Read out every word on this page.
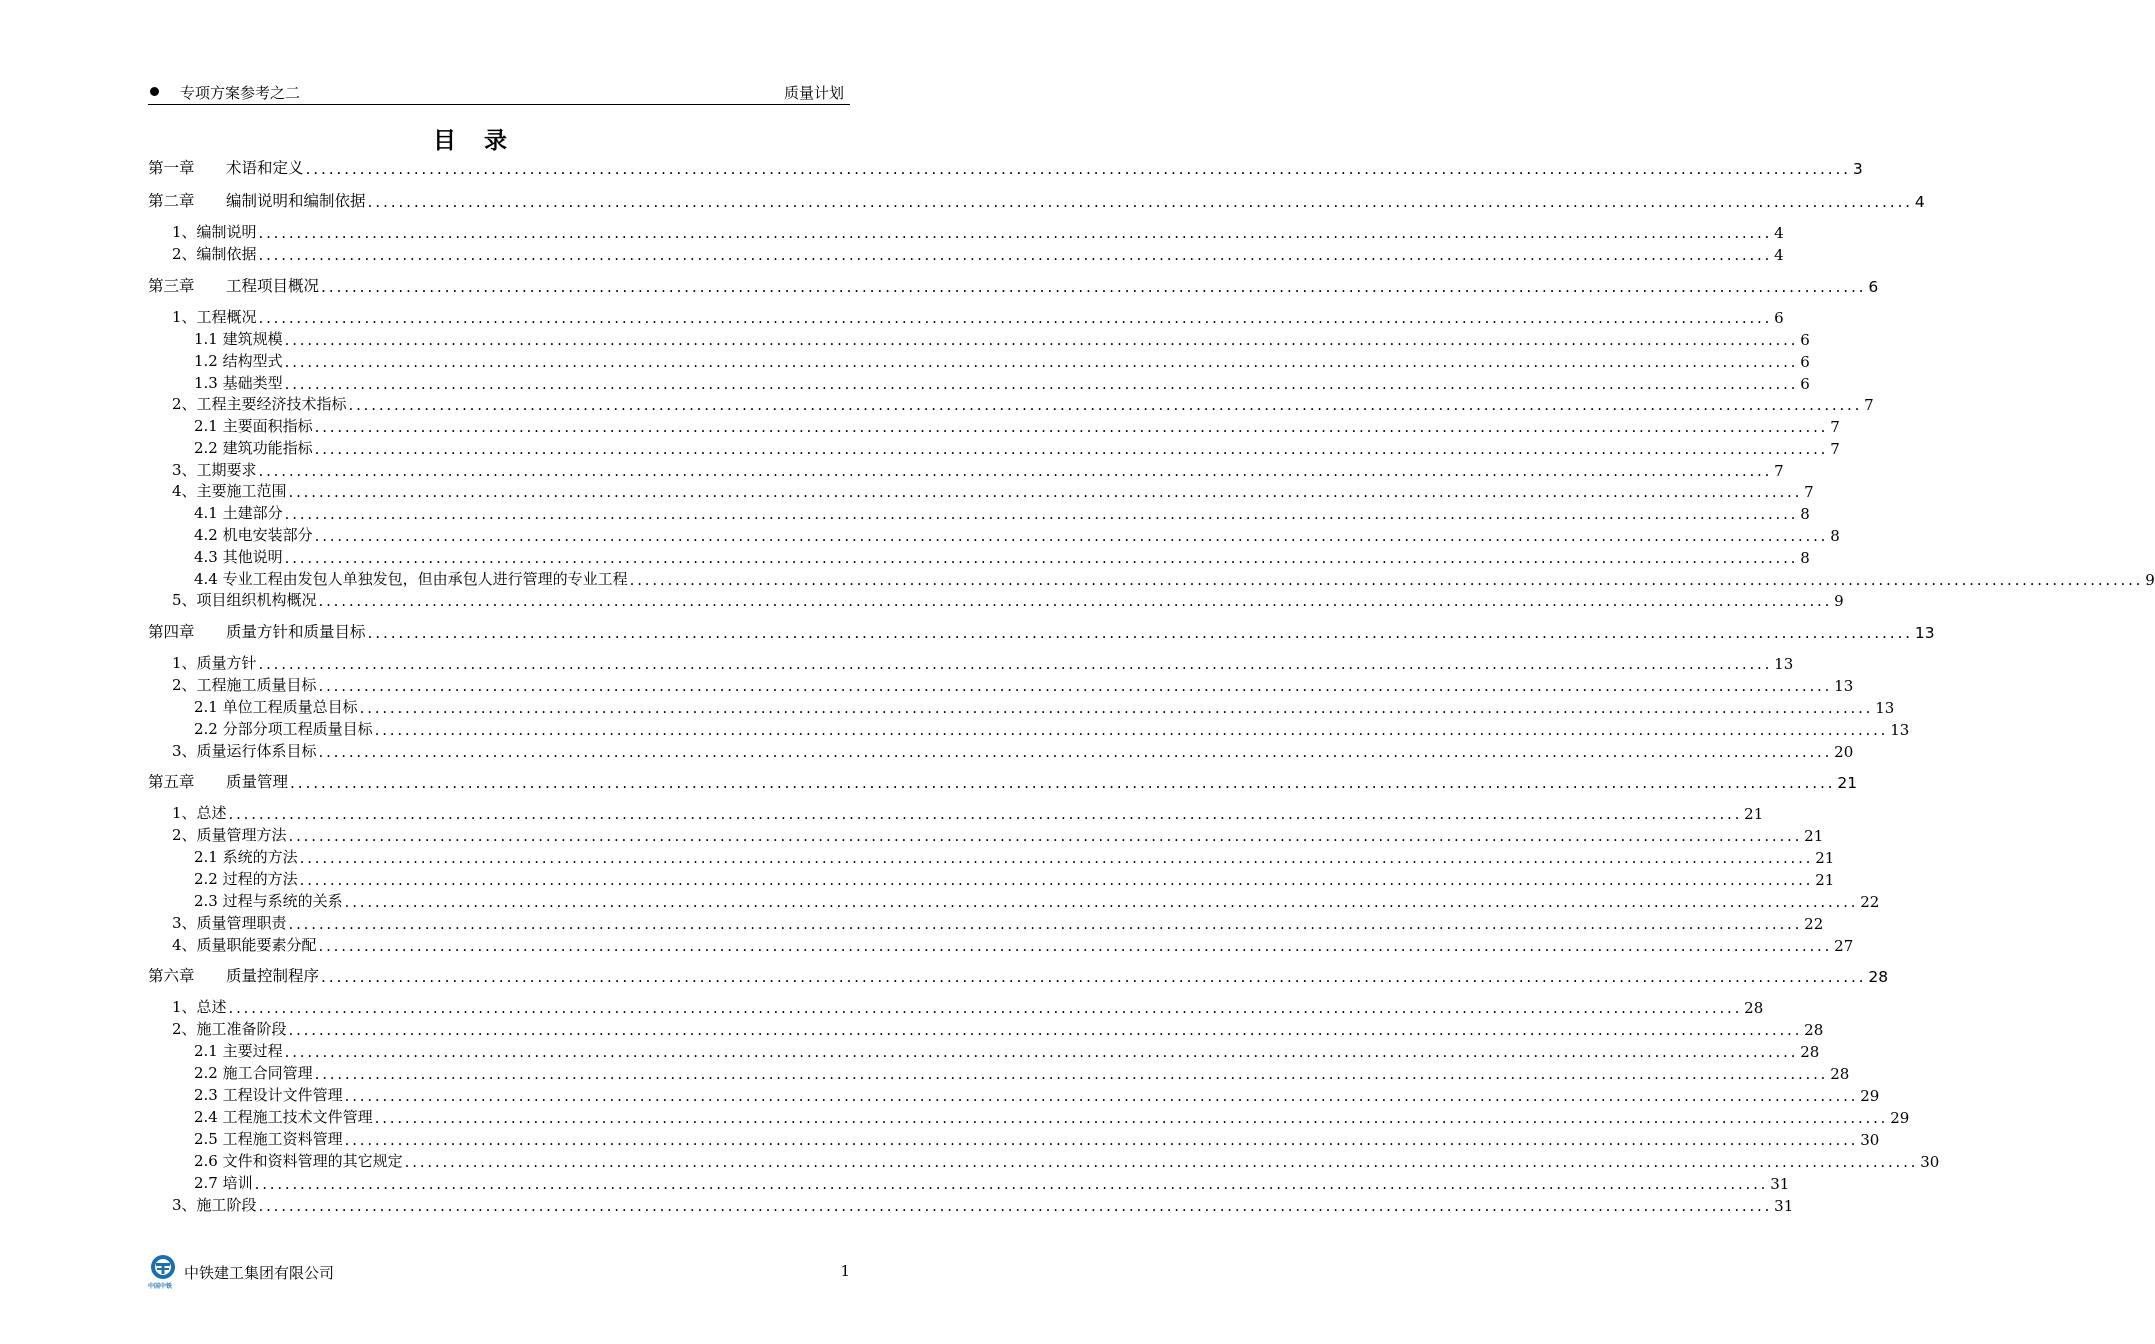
专项方案参考之二	质量计划
目 录
第一章 术语和定义 ........................................................................................................................................................................................................ 3
第二章 编制说明和编制依据 ........................................................................................................................................................................................................ 4
1、编制说明 ........................................................................................................................................................................................................ 4
2、编制依据 ........................................................................................................................................................................................................ 4
第三章 工程项目概况 ........................................................................................................................................................................................................ 6
1、工程概况 ........................................................................................................................................................................................................ 6
1.1 建筑规模 ........................................................................................................................................................................................................ 6
1.2 结构型式 ........................................................................................................................................................................................................ 6
1.3 基础类型 ........................................................................................................................................................................................................ 6
2、工程主要经济技术指标 ........................................................................................................................................................................................................ 7
2.1 主要面积指标 ........................................................................................................................................................................................................ 7
2.2 建筑功能指标 ........................................................................................................................................................................................................ 7
3、工期要求 ........................................................................................................................................................................................................ 7
4、主要施工范围 ........................................................................................................................................................................................................ 7
4.1 土建部分 ........................................................................................................................................................................................................ 8
4.2 机电安装部分 ........................................................................................................................................................................................................ 8
4.3 其他说明 ........................................................................................................................................................................................................ 8
4.4 专业工程由发包人单独发包，但由承包人进行管理的专业工程 ........................................................................................................................................................................................................ 9
5、项目组织机构概况 ........................................................................................................................................................................................................ 9
第四章 质量方针和质量目标 ........................................................................................................................................................................................................ 13
1、质量方针 ........................................................................................................................................................................................................ 13
2、工程施工质量目标 ........................................................................................................................................................................................................ 13
2.1 单位工程质量总目标 ........................................................................................................................................................................................................ 13
2.2 分部分项工程质量目标 ........................................................................................................................................................................................................ 13
3、质量运行体系目标 ........................................................................................................................................................................................................ 20
第五章 质量管理 ........................................................................................................................................................................................................ 21
1、总述 ........................................................................................................................................................................................................ 21
2、质量管理方法 ........................................................................................................................................................................................................ 21
2.1 系统的方法 ........................................................................................................................................................................................................ 21
2.2 过程的方法 ........................................................................................................................................................................................................ 21
2.3 过程与系统的关系 ........................................................................................................................................................................................................ 22
3、质量管理职责 ........................................................................................................................................................................................................ 22
4、质量职能要素分配 ........................................................................................................................................................................................................ 27
第六章 质量控制程序 ........................................................................................................................................................................................................ 28
1、总述 ........................................................................................................................................................................................................ 28
2、施工准备阶段 ........................................................................................................................................................................................................ 28
2.1 主要过程 ........................................................................................................................................................................................................ 28
2.2 施工合同管理 ........................................................................................................................................................................................................ 28
2.3 工程设计文件管理 ........................................................................................................................................................................................................ 29
2.4 工程施工技术文件管理 ........................................................................................................................................................................................................ 29
2.5 工程施工资料管理 ........................................................................................................................................................................................................ 30
2.6 文件和资料管理的其它规定 ........................................................................................................................................................................................................ 30
2.7 培训 ........................................................................................................................................................................................................ 31
3、施工阶段 ........................................................................................................................................................................................................ 31
中国中铁
中铁建工集团有限公司	1
